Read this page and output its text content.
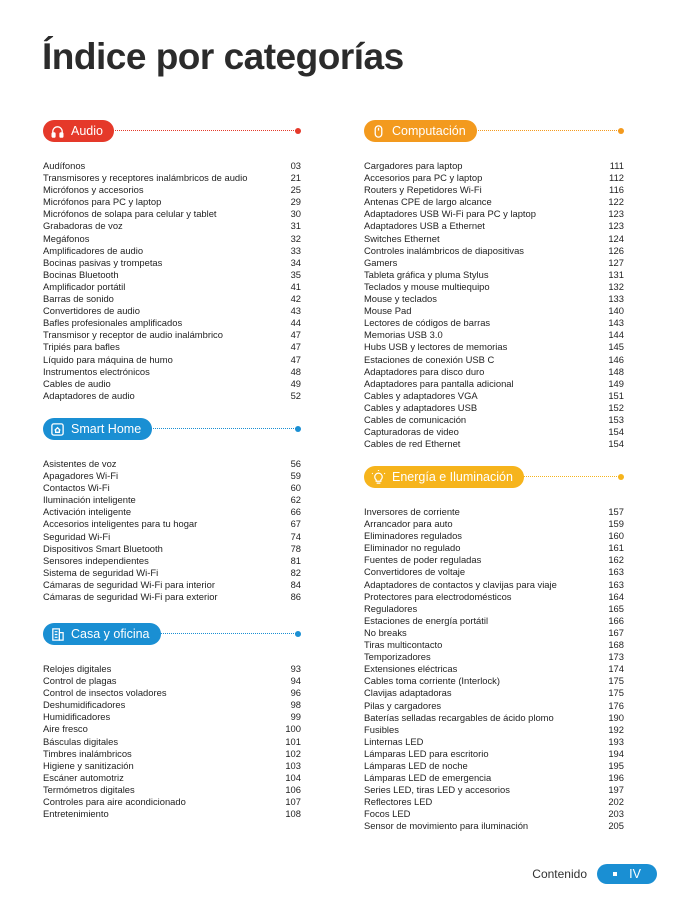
Índice por categorías
Audio
Audífonos	03
Transmisores y receptores inalámbricos de audio	21
Micrófonos y accesorios	25
Micrófonos para PC y laptop	29
Micrófonos de solapa para celular y tablet	30
Grabadoras de voz	31
Megáfonos	32
Amplificadores de audio	33
Bocinas pasivas y trompetas	34
Bocinas Bluetooth	35
Amplificador portátil	41
Barras de sonido	42
Convertidores de audio	43
Bafles profesionales amplificados	44
Transmisor y receptor de audio inalámbrico	47
Tripiés para bafles	47
Líquido para máquina de humo	47
Instrumentos electrónicos	48
Cables de audio	49
Adaptadores de audio	52
Smart Home
Asistentes de voz	56
Apagadores Wi-Fi	59
Contactos Wi-Fi	60
Iluminación inteligente	62
Activación inteligente	66
Accesorios inteligentes para tu hogar	67
Seguridad Wi-Fi	74
Dispositivos Smart Bluetooth	78
Sensores independientes	81
Sistema de seguridad Wi-Fi	82
Cámaras de seguridad Wi-Fi para interior	84
Cámaras de seguridad Wi-Fi para exterior	86
Casa y oficina
Relojes digitales	93
Control de plagas	94
Control de insectos voladores	96
Deshumidificadores	98
Humidificadores	99
Aire fresco	100
Básculas digitales	101
Timbres inalámbricos	102
Higiene y sanitización	103
Escáner automotriz	104
Termómetros digitales	106
Controles para aire acondicionado	107
Entretenimiento	108
Computación
Cargadores para laptop	111
Accesorios para PC y laptop	112
Routers y Repetidores Wi-Fi	116
Antenas CPE de largo alcance	122
Adaptadores USB Wi-Fi para PC y laptop	123
Adaptadores USB a Ethernet	123
Switches Ethernet	124
Controles inalámbricos de diapositivas	126
Gamers	127
Tableta gráfica y pluma Stylus	131
Teclados y mouse multiequipo	132
Mouse y teclados	133
Mouse Pad	140
Lectores de códigos de barras	143
Memorias USB 3.0	144
Hubs USB y lectores de memorias	145
Estaciones de conexión USB C	146
Adaptadores para disco duro	148
Adaptadores para pantalla adicional	149
Cables y adaptadores VGA	151
Cables y adaptadores USB	152
Cables de comunicación	153
Capturadoras de video	154
Cables de red Ethernet	154
Energía e Iluminación
Inversores de corriente	157
Arrancador para auto	159
Eliminadores regulados	160
Eliminador no regulado	161
Fuentes de poder reguladas	162
Convertidores de voltaje	163
Adaptadores de contactos y clavijas para viaje	163
Protectores para electrodomésticos	164
Reguladores	165
Estaciones de energía portátil	166
No breaks	167
Tiras multicontacto	168
Temporizadores	173
Extensiones eléctricas	174
Cables toma corriente (Interlock)	175
Clavijas adaptadoras	175
Pilas y cargadores	176
Baterías selladas recargables de ácido plomo	190
Fusibles	192
Linternas LED	193
Lámparas LED para escritorio	194
Lámparas LED de noche	195
Lámparas LED de emergencia	196
Series LED, tiras LED y accesorios	197
Reflectores LED	202
Focos LED	203
Sensor de movimiento para iluminación	205
Contenido	IV
